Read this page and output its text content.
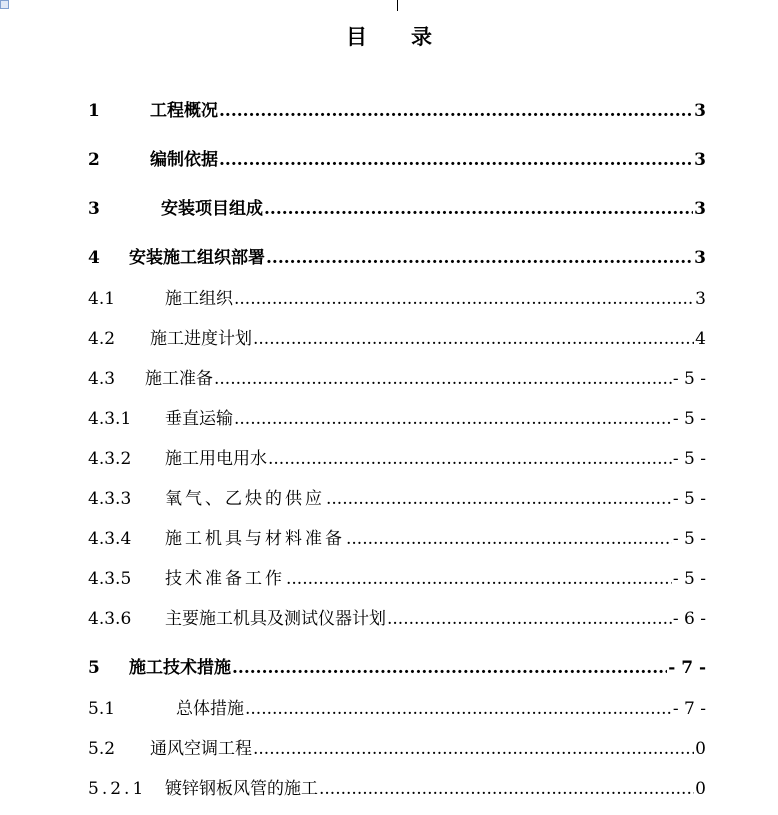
目 录
1	工程概况 .....	3
2	编制依据 .....	3
3	安装项目组成 .....	3
4	安装施工组织部署 .....	3
4.1	施工组织 .....	3
4.2	施工进度计划 .....	4
4.3	施工准备 .....	- 5 -
4.3.1	垂直运输 .....	- 5 -
4.3.2	施工用电用水 .....	- 5 -
4.3.3	氧气、乙炔的供应 .....	- 5 -
4.3.4	施工机具与材料准备 .....	- 5 -
4.3.5	技术准备工作 .....	- 5 -
4.3.6	主要施工机具及测试仪器计划 .....	- 6 -
5	施工技术措施 .....	- 7 -
5.1	总体措施 .....	- 7 -
5.2	通风空调工程 .....	0
5.2.1	镀锌钢板风管的施工 .....	0
